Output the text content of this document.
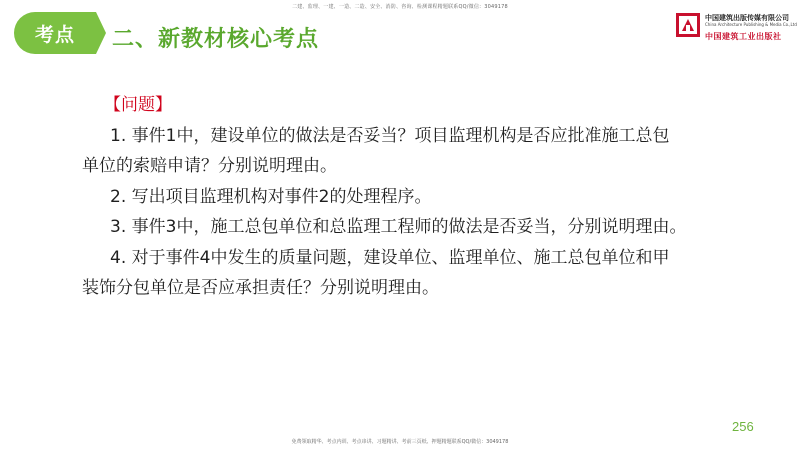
二建、监理、一建、一造、二造、安全、消防、咨询、检测课程精题联系QQ/微信：3049178
考点 二、新教材核心考点
中国建筑出版传媒有限公司
China Architecture Publishing & Media Co.,Ltd
中国建筑工业出版社
【问题】
1. 事件1中，建设单位的做法是否妥当？项目监理机构是否应批准施工总包
单位的索赔申请？分别说明理由。
2. 写出项目监理机构对事件2的处理程序。
3. 事件3中，施工总包单位和总监理工程师的做法是否妥当，分别说明理由。
4. 对于事件4中发生的质量问题，建设单位、监理单位、施工总包单位和甲
装饰分包单位是否应承担责任？分别说明理由。
256
免费领取精华、考点内训、考点串讲、习题精讲、考前三页纸、押题精题联系QQ/微信：3049178
